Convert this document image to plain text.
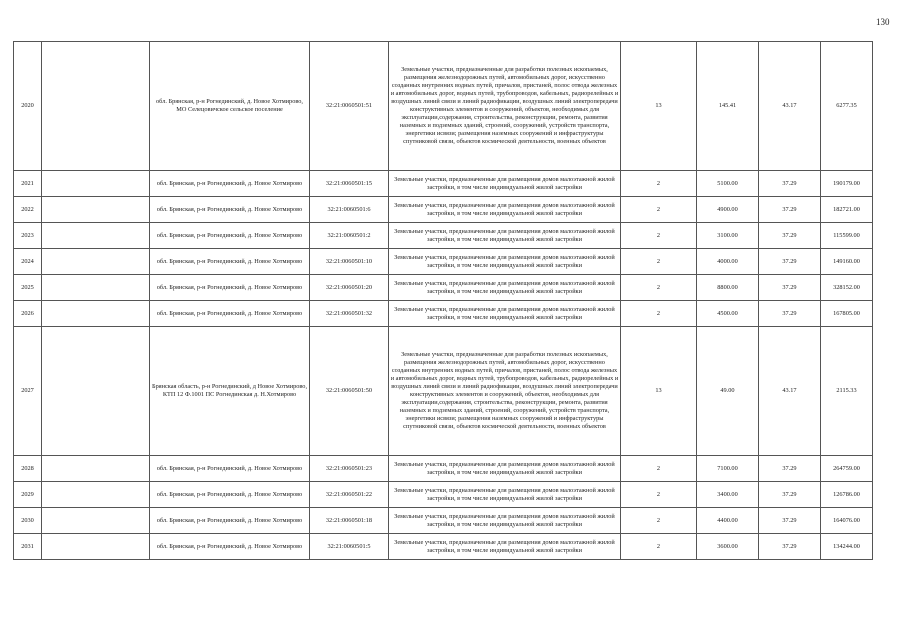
130
2020		обл. Брянская, р-н Рогнединский, д. Новое Хотмирово, МО Селецовичское сельское поселение	32:21:0060501:51	Земельные участки, предназначенные для разработки полезных ископаемых, размещения железнодорожных путей, автомобильных дорог, искусственно созданных внутренних водных путей, причалов, пристаней, полос отвода железных и автомобильных дорог, водных путей, трубопроводов, кабельных, радиорелейных и воздушных линий связи и линий радиофикации, воздушных линий электропередачи конструктивных элементов и сооружений, объектов, необходимых для эксплуатации,содержания, строительства, реконструкции, ремонта, развития наземных и подземных зданий, строений, сооружений, устройств транспорта, энергетики исвязи; размещения наземных сооружений и инфраструктуры спутниковой связи, объектов космической деятельности, военных объектов	13	145.41	43.17	6277.35
2021		обл. Брянская, р-н Рогнединский, д. Новое Хотмирово	32:21:0060501:15	Земельные участки, предназначенные для размещения домов малоэтажной жилой застройки, в том числе индивидуальной жилой застройки	2	5100.00	37.29	190179.00
2022		обл. Брянская, р-н Рогнединский, д. Новое Хотмирово	32:21:0060501:6	Земельные участки, предназначенные для размещения домов малоэтажной жилой застройки, в том числе индивидуальной жилой застройки	2	4900.00	37.29	182721.00
2023		обл. Брянская, р-н Рогнединский, д. Новое Хотмирово	32:21:0060501:2	Земельные участки, предназначенные для размещения домов малоэтажной жилой застройки, в том числе индивидуальной жилой застройки	2	3100.00	37.29	115599.00
2024		обл. Брянская, р-н Рогнединский, д. Новое Хотмирово	32:21:0060501:10	Земельные участки, предназначенные для размещения домов малоэтажной жилой застройки, в том числе индивидуальной жилой застройки	2	4000.00	37.29	149160.00
2025		обл. Брянская, р-н Рогнединский, д. Новое Хотмирово	32:21:0060501:20	Земельные участки, предназначенные для размещения домов малоэтажной жилой застройки, в том числе индивидуальной жилой застройки	2	8800.00	37.29	328152.00
2026		обл. Брянская, р-н Рогнединский, д. Новое Хотмирово	32:21:0060501:32	Земельные участки, предназначенные для размещения домов малоэтажной жилой застройки, в том числе индивидуальной жилой застройки	2	4500.00	37.29	167805.00
2027		Брянская область, р-н Рогнединский, д Новое Хотмирово, КТП 12 Ф.1001 ПС Рогнединская д. Н.Хотмирово	32:21:0060501:50	Земельные участки, предназначенные для разработки полезных ископаемых, размещения железнодорожных путей, автомобильных дорог, искусственно созданных внутренних водных путей, причалов, пристаней, полос отвода железных и автомобильных дорог, водных путей, трубопроводов, кабельных, радиорелейных и воздушных линий связи и линий радиофикации, воздушных линий электропередачи конструктивных элементов и сооружений, объектов, необходимых для эксплуатации,содержания, строительства, реконструкции, ремонта, развития наземных и подземных зданий, строений, сооружений, устройств транспорта, энергетики исвязи; размещения наземных сооружений и инфраструктуры спутниковой связи, объектов космической деятельности, военных объектов	13	49.00	43.17	2115.33
2028		обл. Брянская, р-н Рогнединский, д. Новое Хотмирово	32:21:0060501:23	Земельные участки, предназначенные для размещения домов малоэтажной жилой застройки, в том числе индивидуальной жилой застройки	2	7100.00	37.29	264759.00
2029		обл. Брянская, р-н Рогнединский, д. Новое Хотмирово	32:21:0060501:22	Земельные участки, предназначенные для размещения домов малоэтажной жилой застройки, в том числе индивидуальной жилой застройки	2	3400.00	37.29	126786.00
2030		обл. Брянская, р-н Рогнединский, д. Новое Хотмирово	32:21:0060501:18	Земельные участки, предназначенные для размещения домов малоэтажной жилой застройки, в том числе индивидуальной жилой застройки	2	4400.00	37.29	164076.00
2031		обл. Брянская, р-н Рогнединский, д. Новое Хотмирово	32:21:0060501:5	Земельные участки, предназначенные для размещения домов малоэтажной жилой застройки, в том числе индивидуальной жилой застройки	2	3600.00	37.29	134244.00
